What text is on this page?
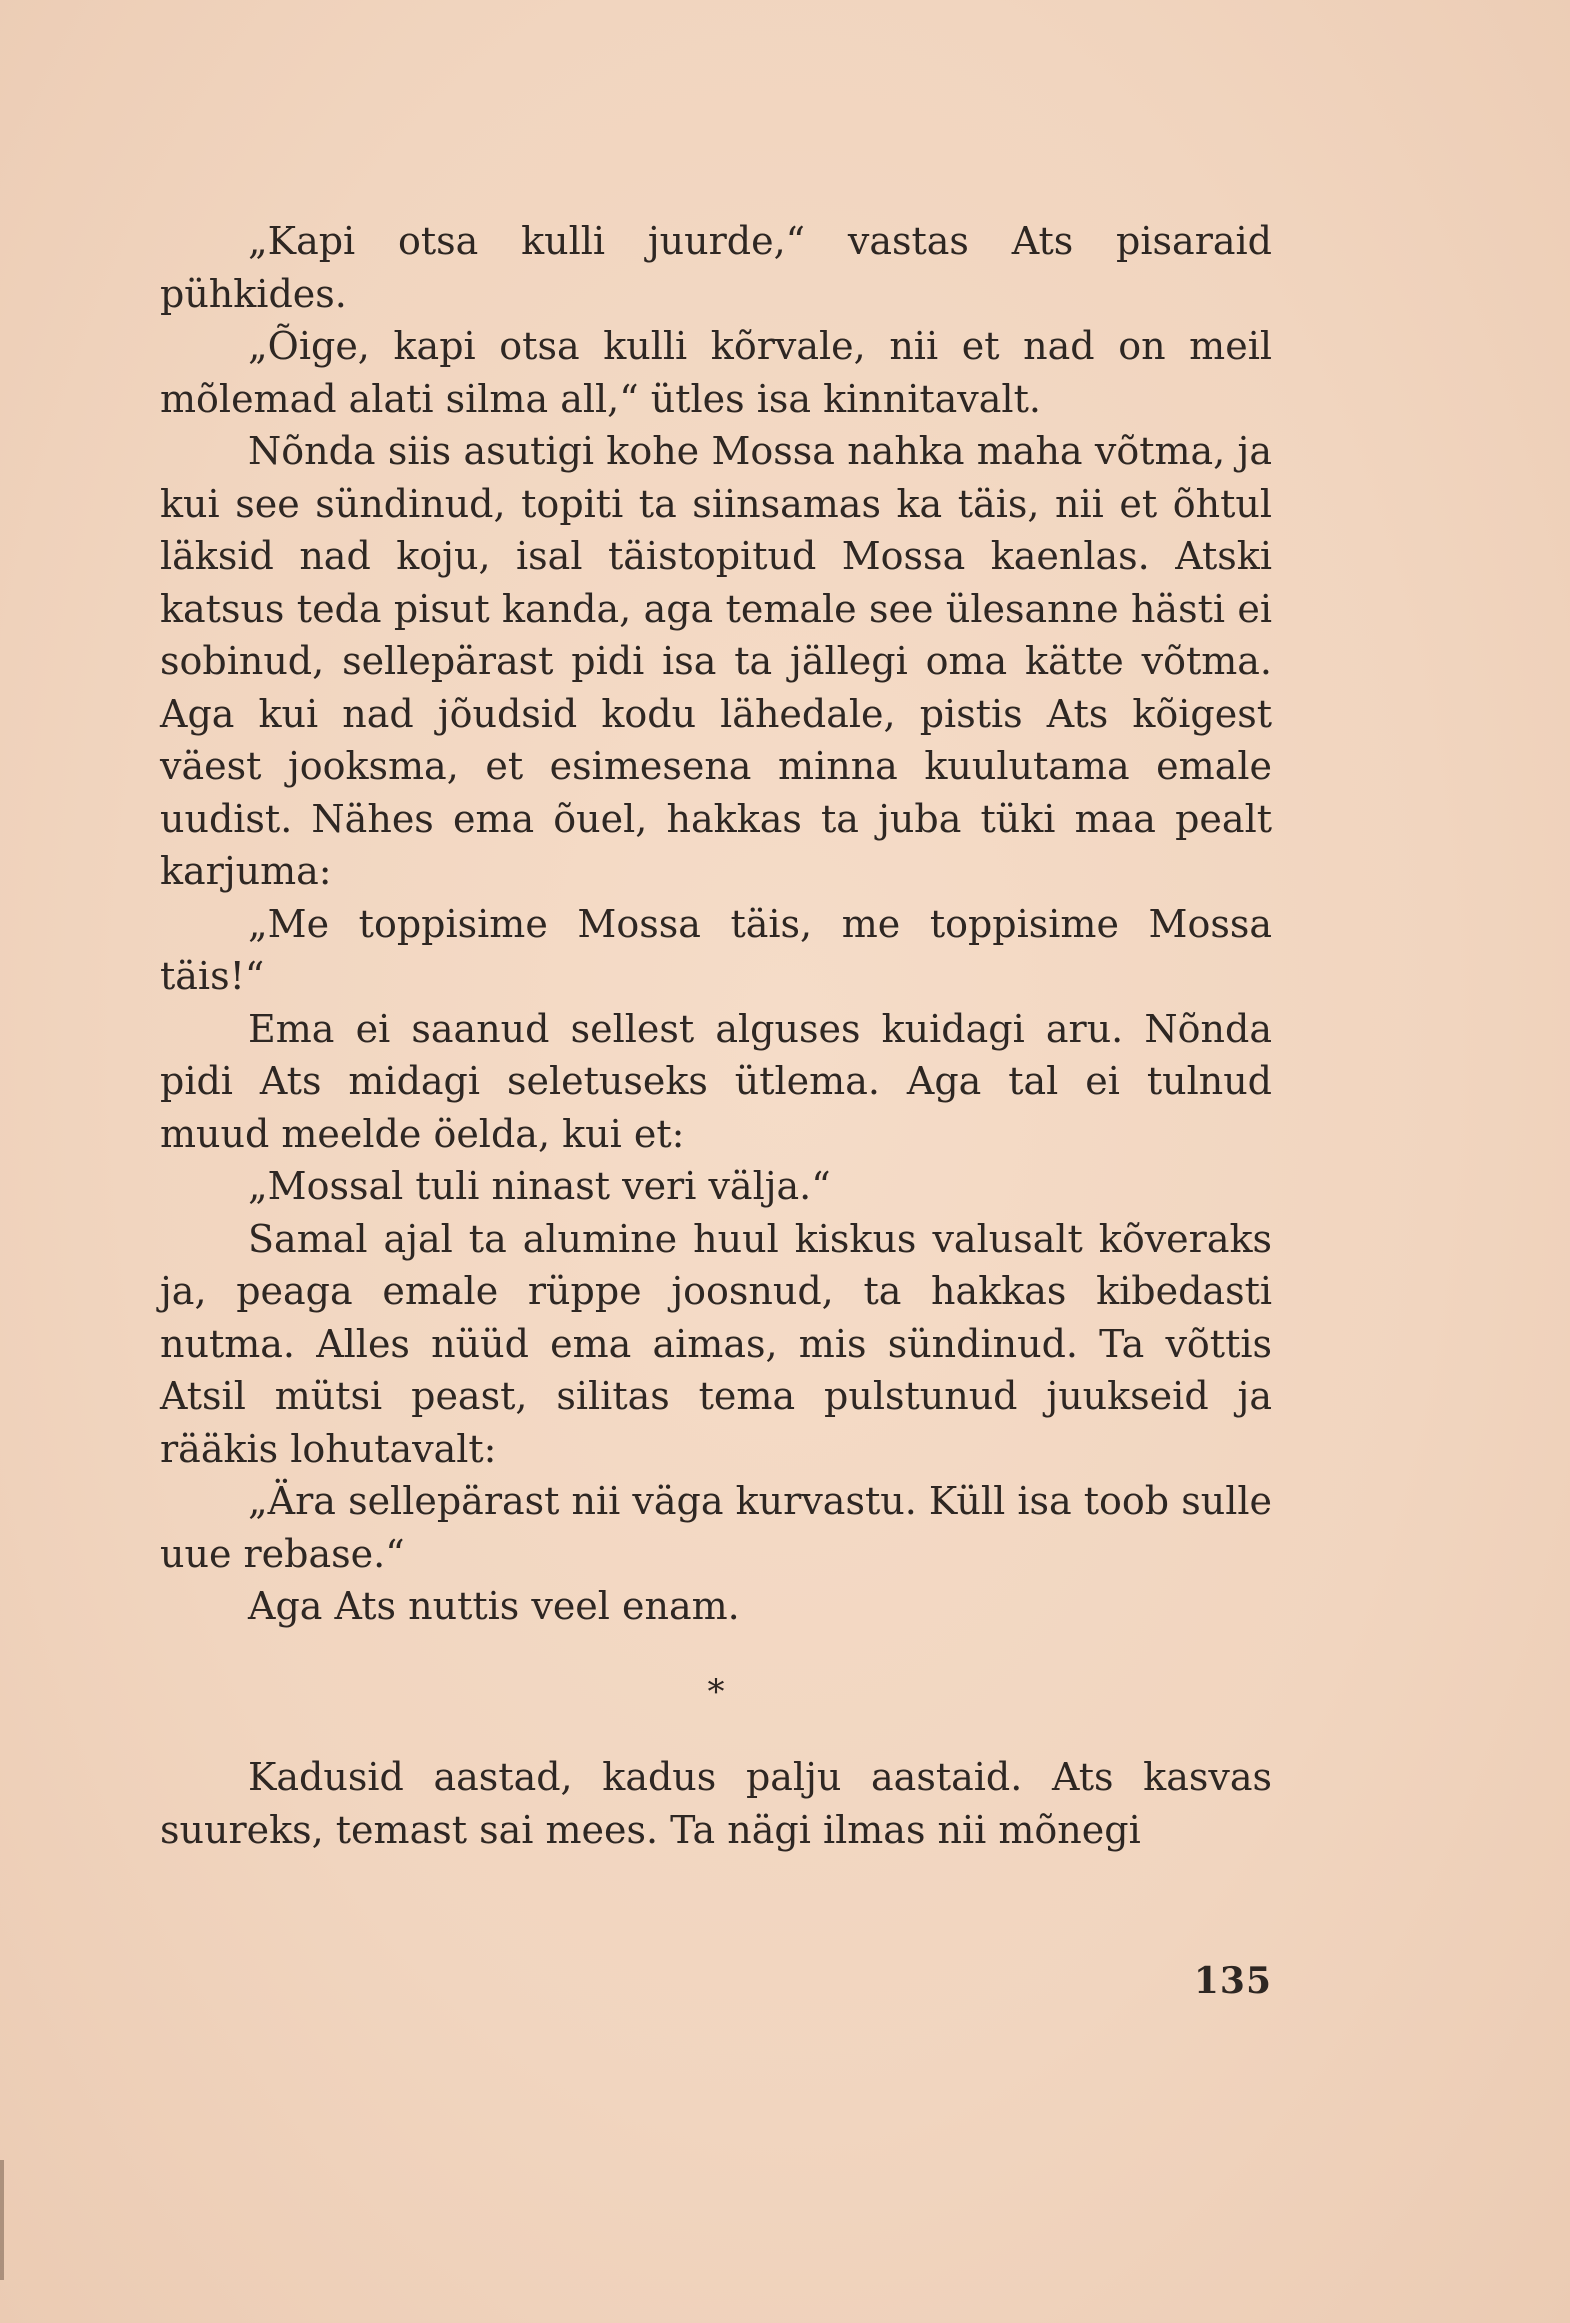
„Kapi otsa kulli juurde,“ vastas Ats pisaraid pühkides.

„Õige, kapi otsa kulli kõrvale, nii et nad on meil mõlemad alati silma all,“ ütles isa kinnitavalt.

Nõnda siis asutigi kohe Mossa nahka maha võtma, ja kui see sündinud, topiti ta siinsamas ka täis, nii et õhtul läksid nad koju, isal täistopitud Mossa kaenlas. Atski katsus teda pisut kanda, aga temale see ülesanne hästi ei sobinud, sellepärast pidi isa ta jällegi oma kätte võtma. Aga kui nad jõudsid kodu lähedale, pistis Ats kõigest väest jooksma, et esimesena minna kuulutama emale uudist. Nähes ema õuel, hakkas ta juba tüki maa pealt karjuma:

„Me toppisime Mossa täis, me toppisime Mossa täis!“

Ema ei saanud sellest alguses kuidagi aru. Nõnda pidi Ats midagi seletuseks ütlema. Aga tal ei tulnud muud meelde öelda, kui et:

„Mossal tuli ninast veri välja.“

Samal ajal ta alumine huul kiskus valusalt kõveraks ja, peaga emale rüppe joosnud, ta hakkas kibedasti nutma. Alles nüüd ema aimas, mis sündinud. Ta võttis Atsil mütsi peast, silitas tema pulstunud juukseid ja rääkis lohutavalt:

„Ära sellepärast nii väga kurvastu. Küll isa toob sulle uue rebase.“

Aga Ats nuttis veel enam.

*

Kadusid aastad, kadus palju aastaid. Ats kasvas suureks, temast sai mees. Ta nägi ilmas nii mõnegi

135
